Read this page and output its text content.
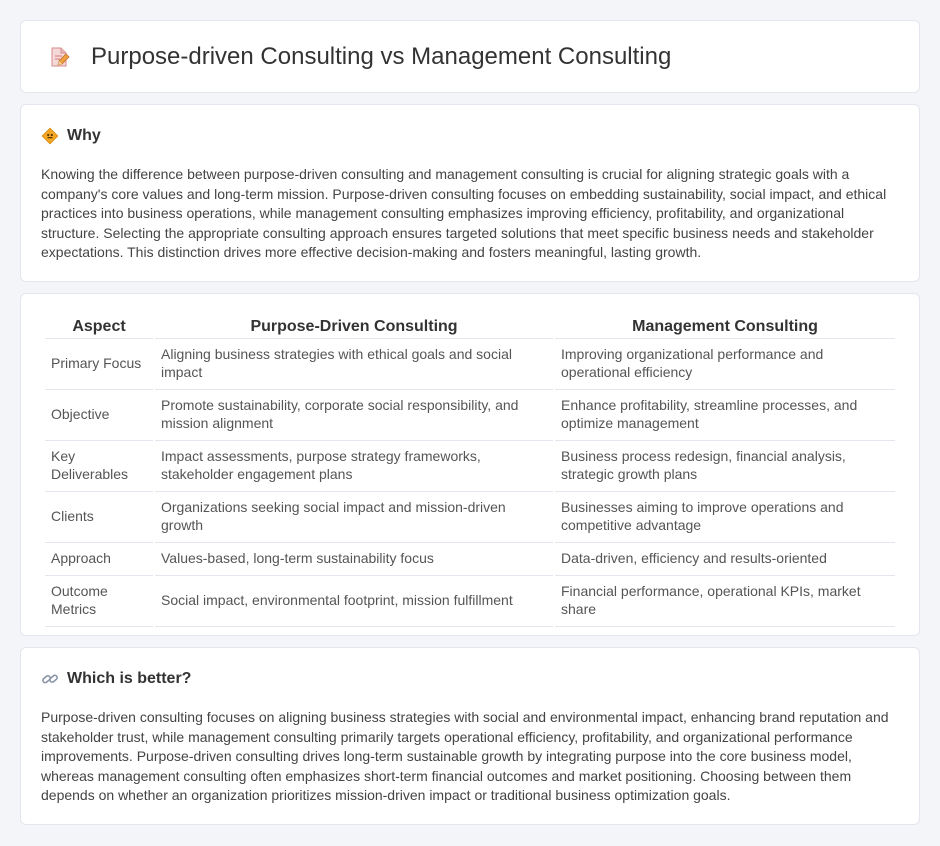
Purpose-driven Consulting vs Management Consulting
Why

Knowing the difference between purpose-driven consulting and management consulting is crucial for aligning strategic goals with a company's core values and long-term mission. Purpose-driven consulting focuses on embedding sustainability, social impact, and ethical practices into business operations, while management consulting emphasizes improving efficiency, profitability, and organizational structure. Selecting the appropriate consulting approach ensures targeted solutions that meet specific business needs and stakeholder expectations. This distinction drives more effective decision-making and fosters meaningful, lasting growth.

Aspect	Purpose-Driven Consulting	Management Consulting
Primary Focus	Aligning business strategies with ethical goals and social impact	Improving organizational performance and operational efficiency
Objective	Promote sustainability, corporate social responsibility, and mission alignment	Enhance profitability, streamline processes, and optimize management
Key Deliverables	Impact assessments, purpose strategy frameworks, stakeholder engagement plans	Business process redesign, financial analysis, strategic growth plans
Clients	Organizations seeking social impact and mission-driven growth	Businesses aiming to improve operations and competitive advantage
Approach	Values-based, long-term sustainability focus	Data-driven, efficiency and results-oriented
Outcome Metrics	Social impact, environmental footprint, mission fulfillment	Financial performance, operational KPIs, market share
Which is better?

Purpose-driven consulting focuses on aligning business strategies with social and environmental impact, enhancing brand reputation and stakeholder trust, while management consulting primarily targets operational efficiency, profitability, and organizational performance improvements. Purpose-driven consulting drives long-term sustainable growth by integrating purpose into the core business model, whereas management consulting often emphasizes short-term financial outcomes and market positioning. Choosing between them depends on whether an organization prioritizes mission-driven impact or traditional business optimization goals.
